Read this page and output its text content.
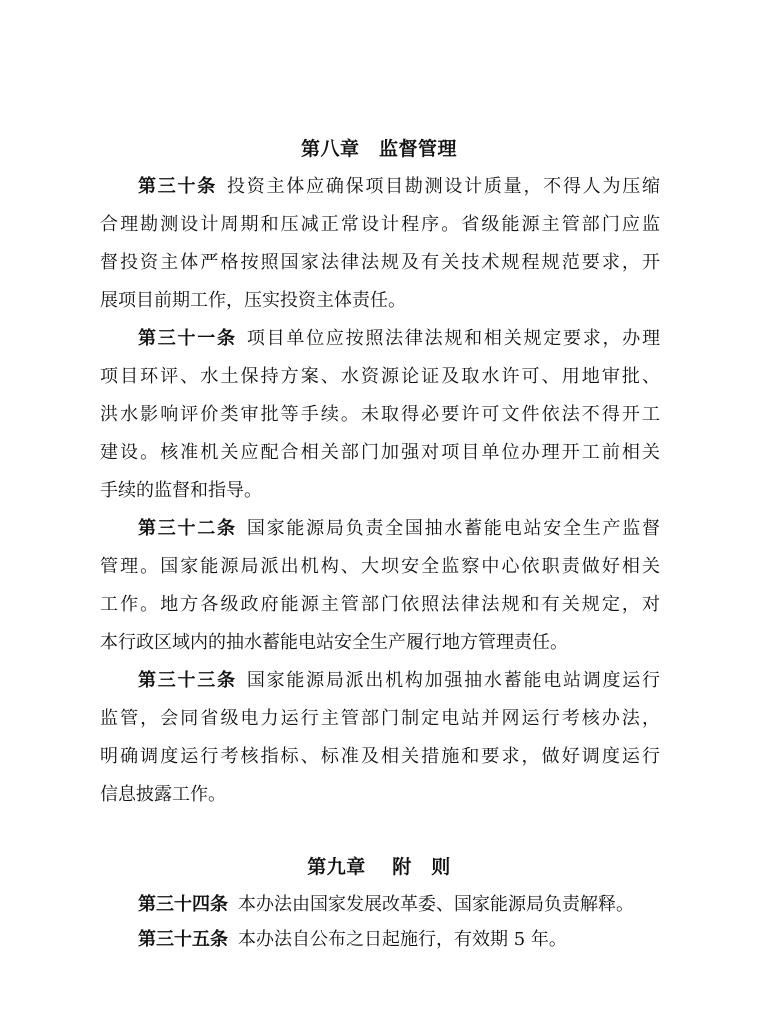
第八章　监督管理
第三十条 投资主体应确保项目勘测设计质量，不得人为压缩
合理勘测设计周期和压减正常设计程序。省级能源主管部门应监
督投资主体严格按照国家法律法规及有关技术规程规范要求，开
展项目前期工作，压实投资主体责任。
第三十一条 项目单位应按照法律法规和相关规定要求，办理
项目环评、水土保持方案、水资源论证及取水许可、用地审批、
洪水影响评价类审批等手续。未取得必要许可文件依法不得开工
建设。核准机关应配合相关部门加强对项目单位办理开工前相关
手续的监督和指导。
第三十二条 国家能源局负责全国抽水蓄能电站安全生产监督
管理。国家能源局派出机构、大坝安全监察中心依职责做好相关
工作。地方各级政府能源主管部门依照法律法规和有关规定，对
本行政区域内的抽水蓄能电站安全生产履行地方管理责任。
第三十三条 国家能源局派出机构加强抽水蓄能电站调度运行
监管，会同省级电力运行主管部门制定电站并网运行考核办法，
明确调度运行考核指标、标准及相关措施和要求，做好调度运行
信息披露工作。
第九章　 附　则
第三十四条 本办法由国家发展改革委、国家能源局负责解释。
第三十五条 本办法自公布之日起施行，有效期 5 年。
